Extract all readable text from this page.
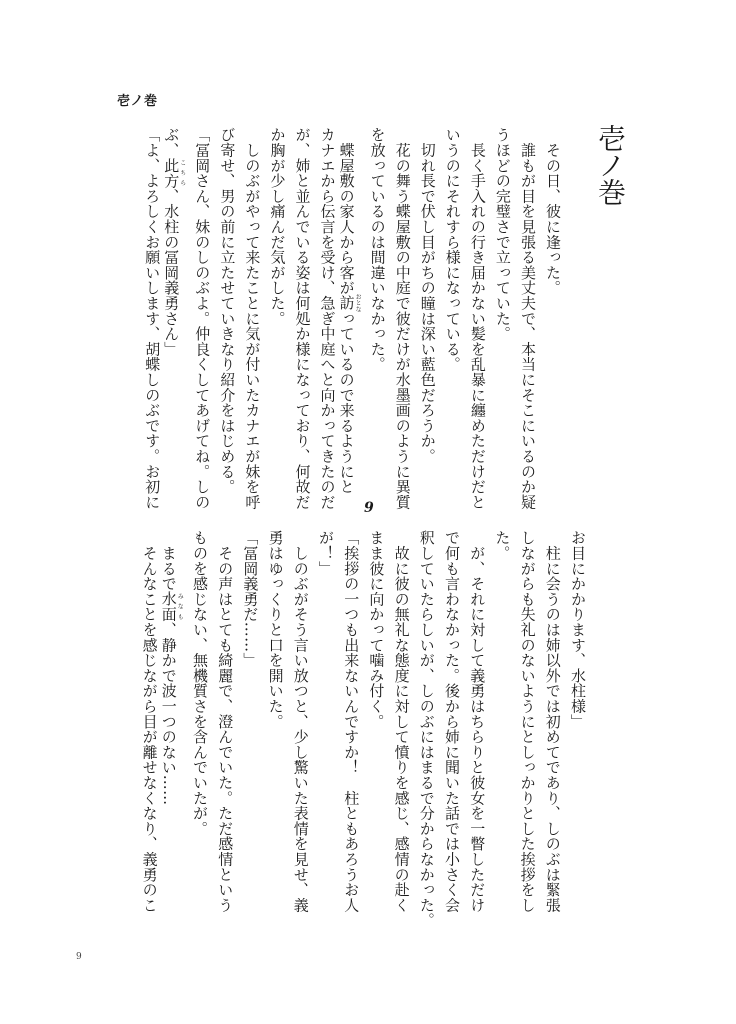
壱ノ巻
壱ノ巻
　その日、彼に逢った。
　誰もが目を見張る美丈夫で、本当にそこにいるのか疑
うほどの完璧さで立っていた。
　長く手入れの行き届かない髪を乱暴に纏めただけだと
いうのにそれすら様になっている。
　切れ長で伏し目がちの瞳は深い藍色だろうか。
　花の舞う蝶屋敷の中庭で彼だけが水墨画のように異質
を放っているのは間違いなかった。
　蝶屋敷の家人から客が訪おとなっているので来るようにと
カナエから伝言を受け、急ぎ中庭へと向かってきたのだ
が、姉と並んでいる姿は何処か様になっており、何故だ
か胸が少し痛んだ気がした。
　しのぶがやって来たことに気が付いたカナエが妹を呼
び寄せ、男の前に立たせていきなり紹介をはじめる。
「冨岡さん、妹のしのぶよ。仲良くしてあげてね。しの
ぶ、此方こちら、水柱の冨岡義勇さん」
「よ、よろしくお願いします、胡蝶しのぶです。お初に	9
お目にかかります、水柱様」
　柱に会うのは姉以外では初めてであり、しのぶは緊張
しながらも失礼のないようにとしっかりとした挨拶をし
た。
　が、それに対して義勇はちらりと彼女を一瞥しただけ
で何も言わなかった。後から姉に聞いた話では小さく会
釈していたらしいが、しのぶにはまるで分からなかった。
　故に彼の無礼な態度に対して憤りを感じ、感情の赴く
まま彼に向かって噛み付く。
「挨拶の一つも出来ないんですか！　柱ともあろうお人
が！」
　しのぶがそう言い放つと、少し驚いた表情を見せ、義
勇はゆっくりと口を開いた。
「冨岡義勇だ……」
　その声はとても綺麗で、澄んでいた。ただ感情という
ものを感じない、無機質さを含んでいたが。
　まるで水面みなも、静かで波一つのない……
　そんなことを感じながら目が離せなくなり、義勇のこ
9
